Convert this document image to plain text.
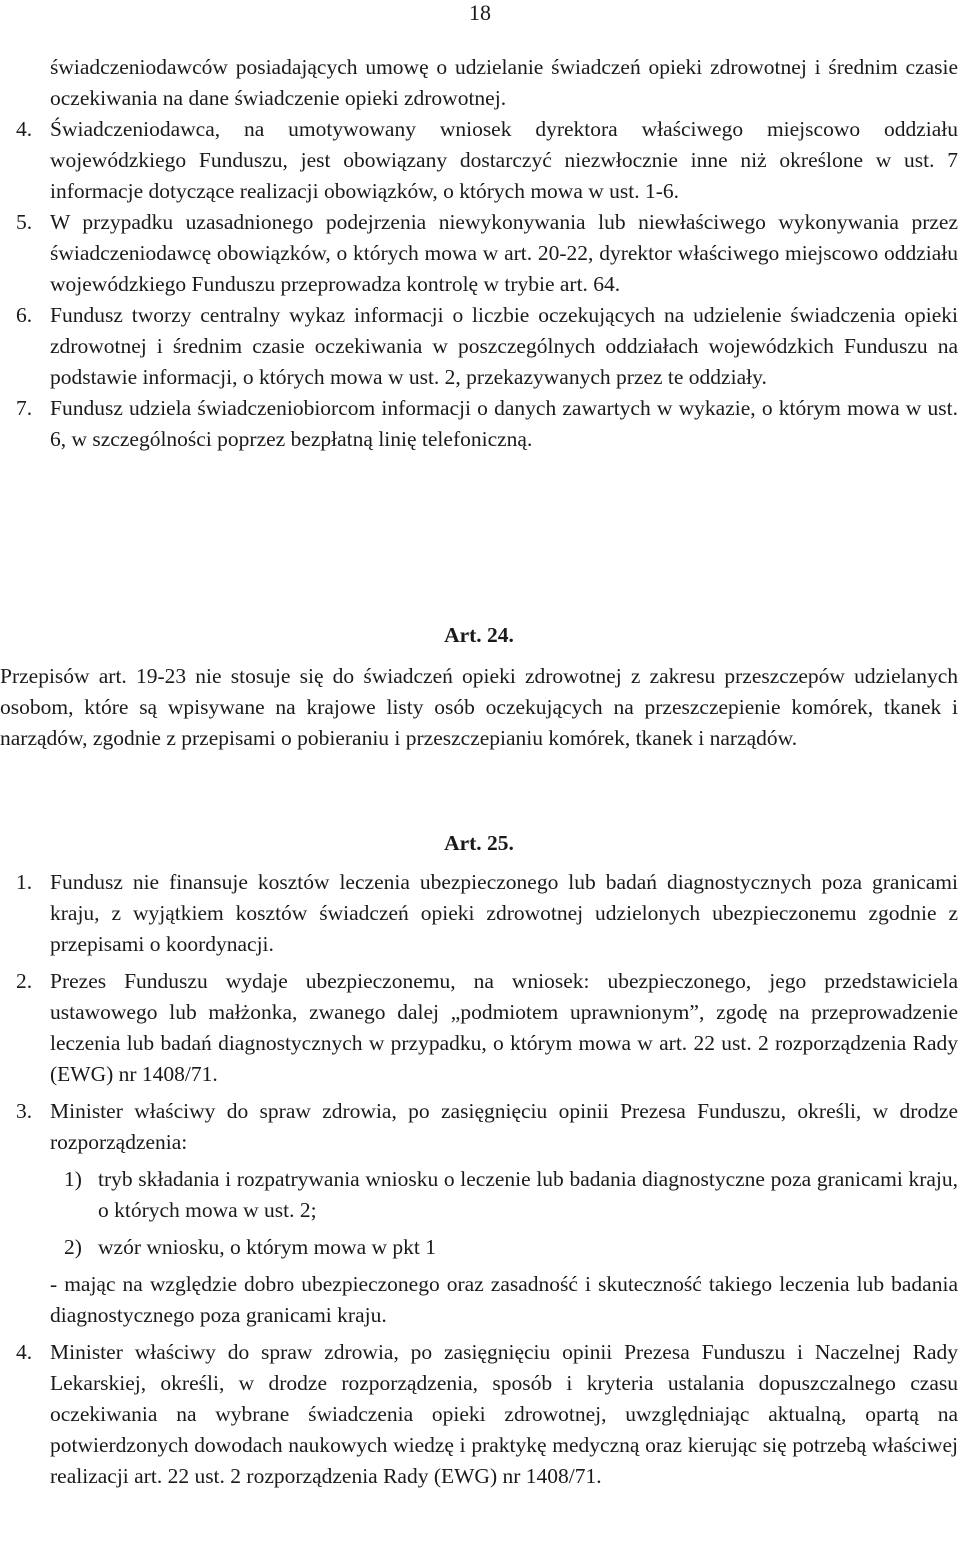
18

świadczeniodawców posiadających umowę o udzielanie świadczeń opieki zdrowotnej i średnim czasie oczekiwania na dane świadczenie opieki zdrowotnej.

4. Świadczeniodawca, na umotywowany wniosek dyrektora właściwego miejscowo oddziału wojewódzkiego Funduszu, jest obowiązany dostarczyć niezwłocznie inne niż określone w ust. 7 informacje dotyczące realizacji obowiązków, o których mowa w ust. 1-6.

5. W przypadku uzasadnionego podejrzenia niewykonywania lub niewłaściwego wykonywania przez świadczeniodawcę obowiązków, o których mowa w art. 20-22, dyrektor właściwego miejscowo oddziału wojewódzkiego Funduszu przeprowadza kontrolę w trybie art. 64.

6. Fundusz tworzy centralny wykaz informacji o liczbie oczekujących na udzielenie świadczenia opieki zdrowotnej i średnim czasie oczekiwania w poszczególnych oddziałach wojewódzkich Funduszu na podstawie informacji, o których mowa w ust. 2, przekazywanych przez te oddziały.

7. Fundusz udziela świadczeniobiorcom informacji o danych zawartych w wykazie, o którym mowa w ust. 6, w szczególności poprzez bezpłatną linię telefoniczną.

Art. 24.

Przepisów art. 19-23 nie stosuje się do świadczeń opieki zdrowotnej z zakresu przeszczepów udzielanych osobom, które są wpisywane na krajowe listy osób oczekujących na przeszczepienie komórek, tkanek i narządów, zgodnie z przepisami o pobieraniu i przeszczepianiu komórek, tkanek i narządów.

Art. 25.

1. Fundusz nie finansuje kosztów leczenia ubezpieczonego lub badań diagnostycznych poza granicami kraju, z wyjątkiem kosztów świadczeń opieki zdrowotnej udzielonych ubezpieczonemu zgodnie z przepisami o koordynacji.

2. Prezes Funduszu wydaje ubezpieczonemu, na wniosek: ubezpieczonego, jego przedstawiciela ustawowego lub małżonka, zwanego dalej „podmiotem uprawnionym”, zgodę na przeprowadzenie leczenia lub badań diagnostycznych w przypadku, o którym mowa w art. 22 ust. 2 rozporządzenia Rady (EWG) nr 1408/71.

3. Minister właściwy do spraw zdrowia, po zasięgnięciu opinii Prezesa Funduszu, określi, w drodze rozporządzenia:

1) tryb składania i rozpatrywania wniosku o leczenie lub badania diagnostyczne poza granicami kraju, o których mowa w ust. 2;

2) wzór wniosku, o którym mowa w pkt 1

- mając na względzie dobro ubezpieczonego oraz zasadność i skuteczność takiego leczenia lub badania diagnostycznego poza granicami kraju.

4. Minister właściwy do spraw zdrowia, po zasięgnięciu opinii Prezesa Funduszu i Naczelnej Rady Lekarskiej, określi, w drodze rozporządzenia, sposób i kryteria ustalania dopuszczalnego czasu oczekiwania na wybrane świadczenia opieki zdrowotnej, uwzględniając aktualną, opartą na potwierdzonych dowodach naukowych wiedzę i praktykę medyczną oraz kierując się potrzebą właściwej realizacji art. 22 ust. 2 rozporządzenia Rady (EWG) nr 1408/71.
